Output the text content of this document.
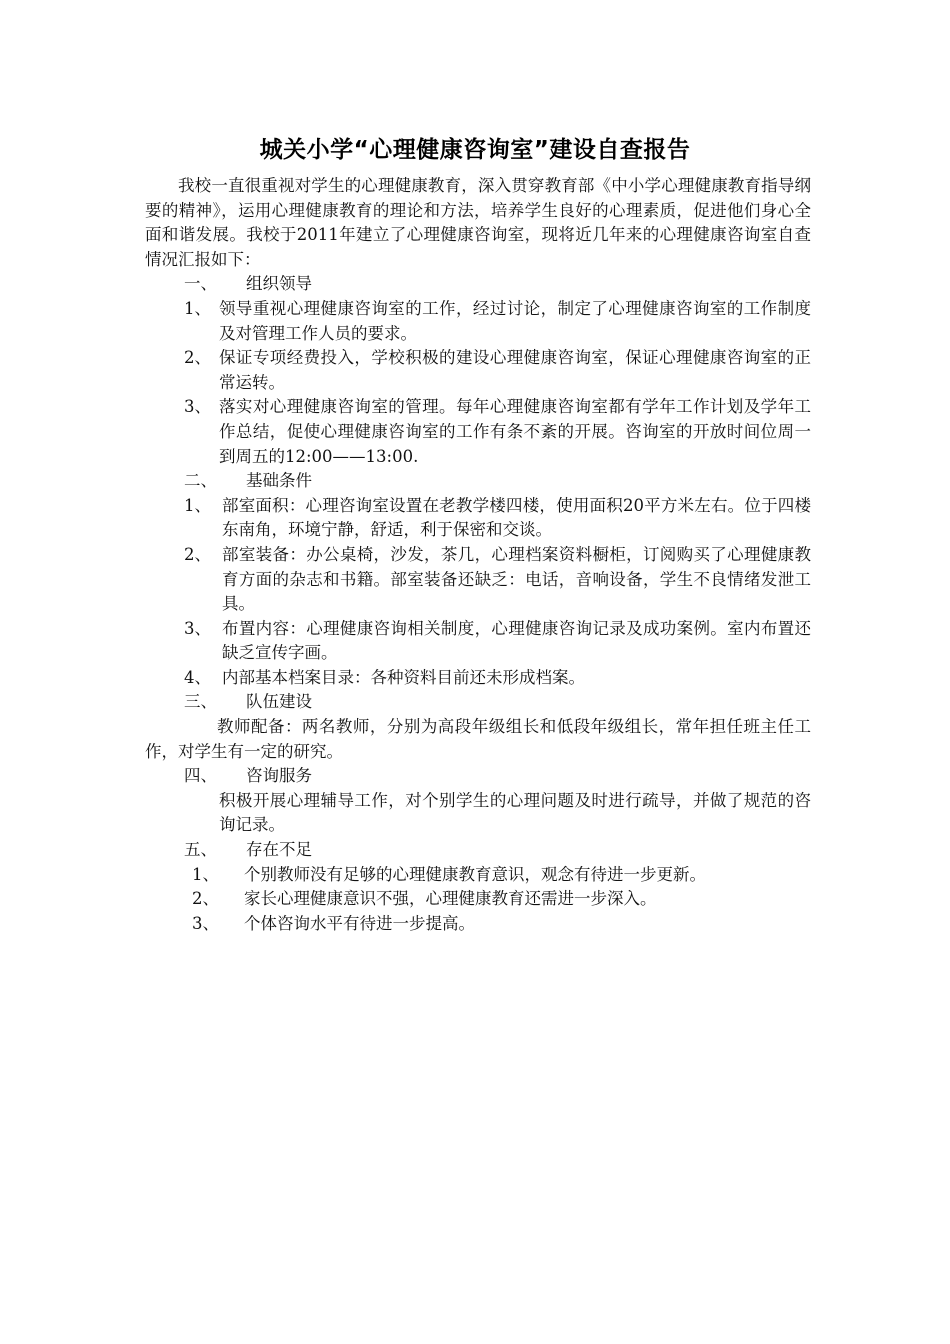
城关小学“心理健康咨询室”建设自查报告

我校一直很重视对学生的心理健康教育，深入贯穿教育部《中小学心理健康教育指导纲要的精神》，运用心理健康教育的理论和方法，培养学生良好的心理素质，促进他们身心全面和谐发展。我校于2011年建立了心理健康咨询室，现将近几年来的心理健康咨询室自查情况汇报如下：

一、	组织领导
1、 领导重视心理健康咨询室的工作，经过讨论，制定了心理健康咨询室的工作制度及对管理工作人员的要求。
2、 保证专项经费投入，学校积极的建设心理健康咨询室，保证心理健康咨询室的正常运转。
3、 落实对心理健康咨询室的管理。每年心理健康咨询室都有学年工作计划及学年工作总结，促使心理健康咨询室的工作有条不紊的开展。咨询室的开放时间位周一到周五的12:00——13:00.
二、	基础条件
1、 部室面积：心理咨询室设置在老教学楼四楼，使用面积20平方米左右。位于四楼东南角，环境宁静，舒适，利于保密和交谈。
2、 部室装备：办公桌椅，沙发，茶几，心理档案资料橱柜，订阅购买了心理健康教育方面的杂志和书籍。部室装备还缺乏：电话，音响设备，学生不良情绪发泄工具。
3、 布置内容：心理健康咨询相关制度，心理健康咨询记录及成功案例。室内布置还缺乏宣传字画。
4、 内部基本档案目录：各种资料目前还未形成档案。
三、	队伍建设

教师配备：两名教师，分别为高段年级组长和低段年级组长，常年担任班主任工作，对学生有一定的研究。

四、	咨询服务

积极开展心理辅导工作，对个别学生的心理问题及时进行疏导，并做了规范的咨询记录。

五、	存在不足
1、	个别教师没有足够的心理健康教育意识，观念有待进一步更新。
2、	家长心理健康意识不强，心理健康教育还需进一步深入。
3、	个体咨询水平有待进一步提高。
